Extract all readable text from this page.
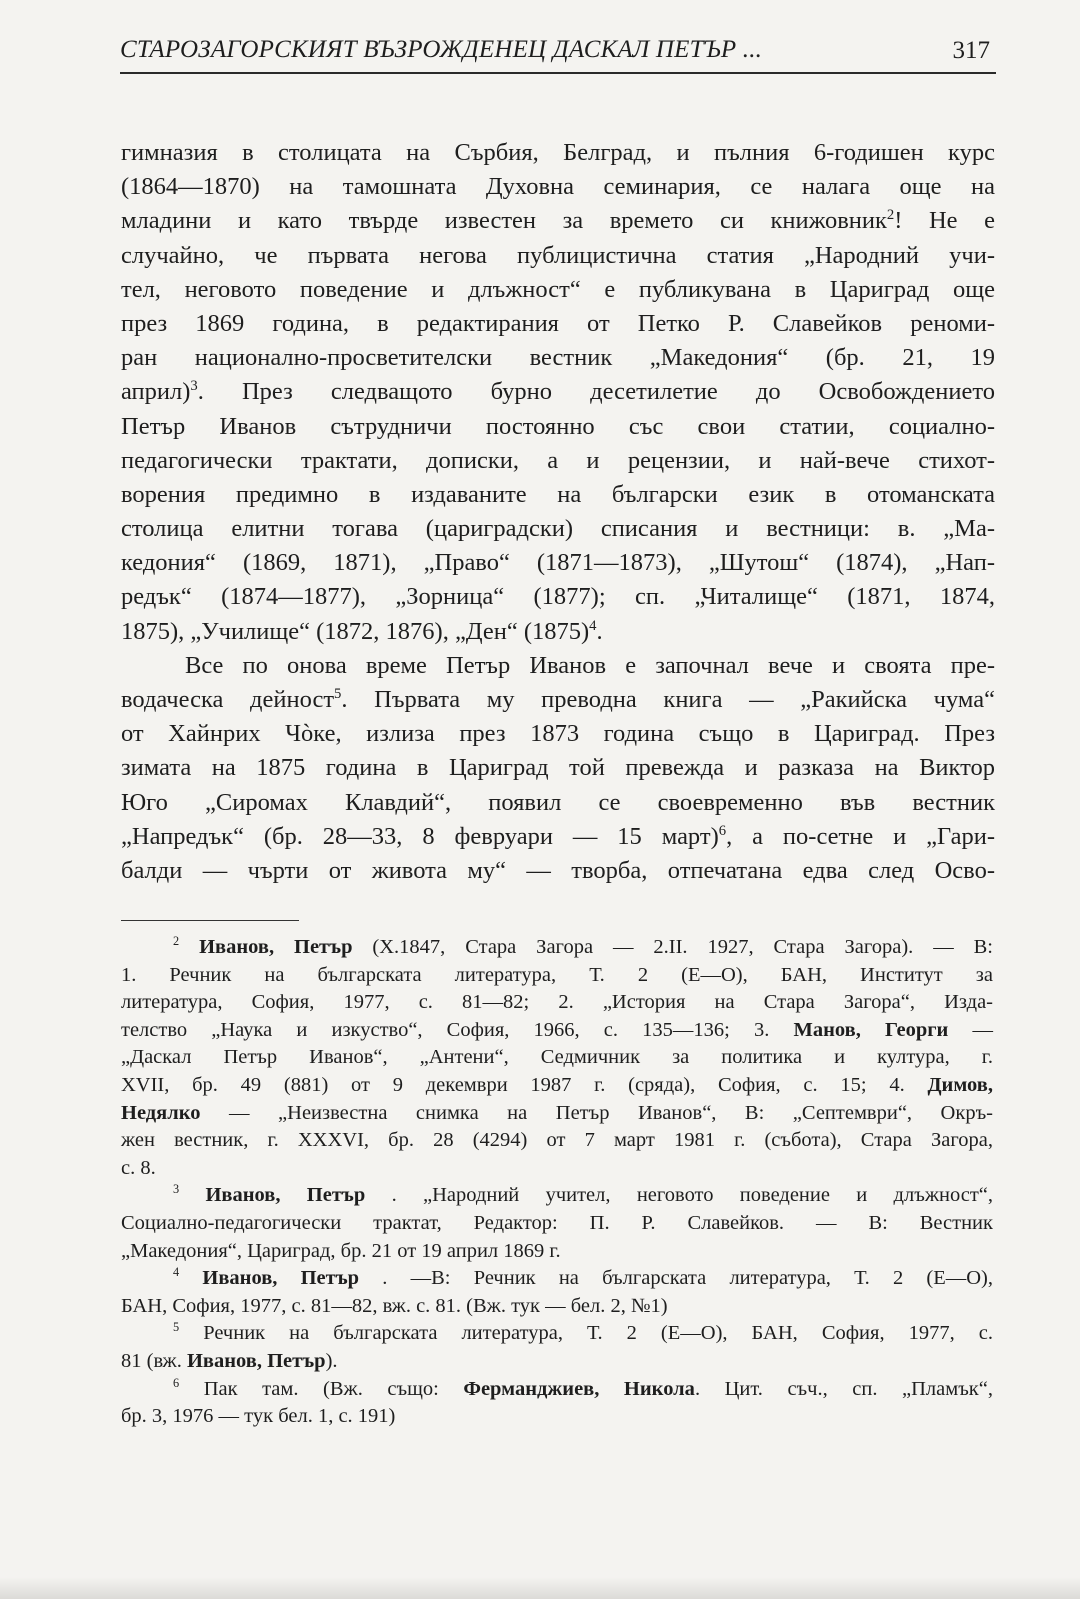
СТАРОЗАГОРСКИЯТ ВЪЗРОЖДЕНЕЦ ДАСКАЛ ПЕТЪР ...	317
гимназия в столицата на Сърбия, Белград, и пълния 6-годишен курс
(1864—1870) на тамошната Духовна семинария, се налага още на
младини и като твърде известен за времето си книжовник$^2$! Не е
случайно, че първата негова публицистична статия „Народний учи-
тел, неговото поведение и длъжност“ е публикувана в Цариград още
през 1869 година, в редактирания от Петко Р. Славейков реноми-
ран национално-просветителски вестник „Македония“ (бр. 21, 19
април)$^3$. През следващото бурно десетилетие до Освобождението
Петър Иванов сътрудничи постоянно със свои статии, социално-
педагогически трактати, дописки, а и рецензии, и най-вече стихот-
ворения предимно в издаваните на български език в отоманската
столица елитни тогава (цариградски) списания и вестници: в. „Ма-
кедония“ (1869, 1871), „Право“ (1871—1873), „Шутош“ (1874), „Нап-
редък“ (1874—1877), „Зорница“ (1877); сп. „Читалище“ (1871, 1874,
1875), „Училище“ (1872, 1876), „Ден“ $(1875)^4$.
Все по онова време Петър Иванов е започнал вече и своята пре-
водаческа дейност$^5$. Първата му преводна книга — „Ракийска чума“
от Хайнрих Чòке, излиза през 1873 година също в Цариград. През
зимата на 1875 година в Цариград той превежда и разказа на Виктор
Юго „Сиромах Клавдий“, появил се своевременно във вестник
„Напредък“ (бр. 28—33, 8 февруари — 15 март)$^6$, а по-сетне и „Гари-
балди — чърти от живота му“ — творба, отпечатана едва след Осво-
$^2$ Иванов, Петър (X.1847, Стара Загора — 2.II. 1927, Стара Загора). — В:
1. Речник на българската литература, Т. 2 (Е—О), БАН, Институт за
литература, София, 1977, с. 81—82; 2. „История на Стара Загора“, Изда-
телство „Наука и изкуство“, София, 1966, с. 135—136; 3. Манов, Георги —
„Даскал Петър Иванов“, „Антени“, Седмичник за политика и култура, г.
XVII, бр. 49 (881) от 9 декември 1987 г. (сряда), София, с. 15; 4. Димов,
Недялко — „Неизвестна снимка на Петър Иванов“, В: „Септември“, Окръ-
жен вестник, г. XXXVI, бр. 28 (4294) от 7 март 1981 г. (събота), Стара Загора,
с. 8.
$^3$ Иванов, Петър . „Народний учител, неговото поведение и длъжност“,
Социално-педагогически трактат, Редактор: П. Р. Славейков. — В: Вестник
„Македония“, Цариград, бр. 21 от 19 април 1869 г.
$^4$ Иванов, Петър . —В: Речник на българската литература, Т. 2 (Е—О),
БАН, София, 1977, с. 81—82, вж. с. 81. (Вж. тук — бел. 2, №1)
$^5$ Речник на българската литература, Т. 2 (Е—О), БАН, София, 1977, с.
81 (вж. Иванов, Петър).
$^6$ Пак там. (Вж. също: Ферманджиев, Никола. Цит. съч., сп. „Пламък“,
бр. 3, 1976 — тук бел. 1, с. 191)
